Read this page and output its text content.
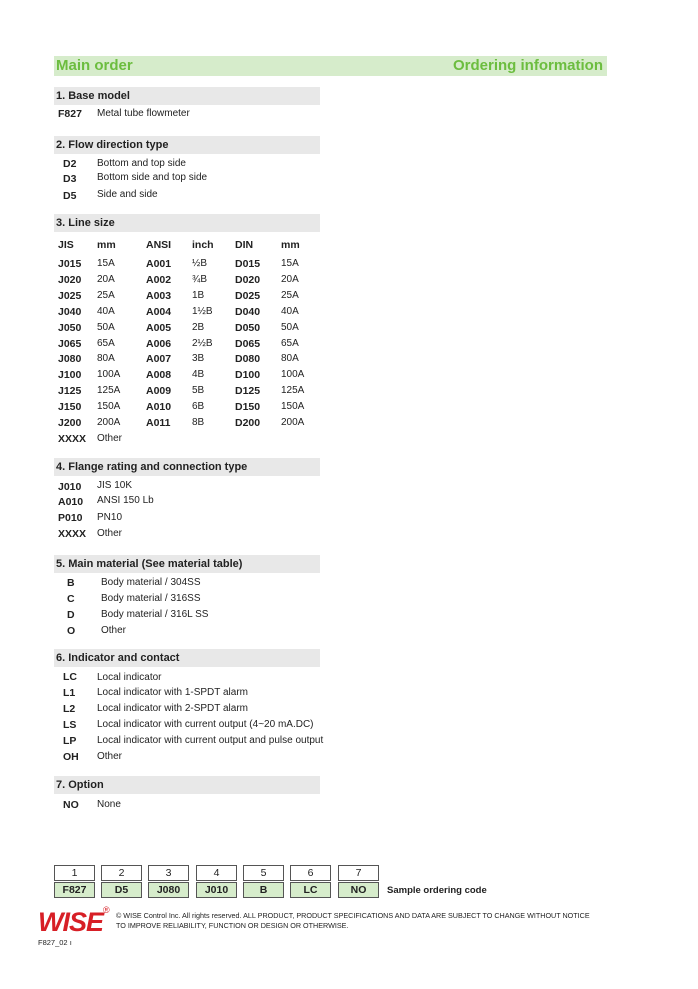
Main order	Ordering information
1. Base model
F827 Metal tube flowmeter
2. Flow direction type
D2 Bottom and top side
D3 Bottom side and top side
D5 Side and side
3. Line size
JIS mm	ANSI inch DIN	mm
J015 15A	A001 ½B	D015 15A
J020 20A	A002 ¾B	D020 20A
J025 25A	A003 1B	D025 25A
J040 40A	A004 1½B D040 40A
J050 50A	A005 2B	D050 50A
J065 65A	A006 2½B D065 65A
J080 80A	A007 3B	D080 80A
J100 100A A008 4B	D100 100A
J125 125A A009 5B	D125 125A
J150 150A A010 6B	D150 150A
J200 200A A011 8B	D200 200A
XXXX Other
4. Flange rating and connection type
J010 JIS 10K
A010 ANSI 150 Lb
P010 PN10
XXXX Other
5. Main material (See material table)
B	Body material / 304SS
C	Body material / 316SS
D	Body material / 316L SS
O	Other
6. Indicator and contact
LC Local indicator
L1 Local indicator with 1-SPDT alarm
L2 Local indicator with 2-SPDT alarm
LS Local indicator with current output (4~20 mA.DC)
LP Local indicator with current output and pulse output
OH Other
7. Option
NO None
1
F827
2
D5
3
J080
4
J010
5
B
6
LC
7
NO	Sample ordering code
WISE ®
© WISE Control Inc. All rights reserved. ALL PRODUCT, PRODUCT SPECIFICATIONS AND DATA ARE SUBJECT TO CHANGE WITHOUT NOTICE TO IMPROVE RELIABILITY, FUNCTION OR DESIGN OR OTHERWISE.
F827_02 ı
